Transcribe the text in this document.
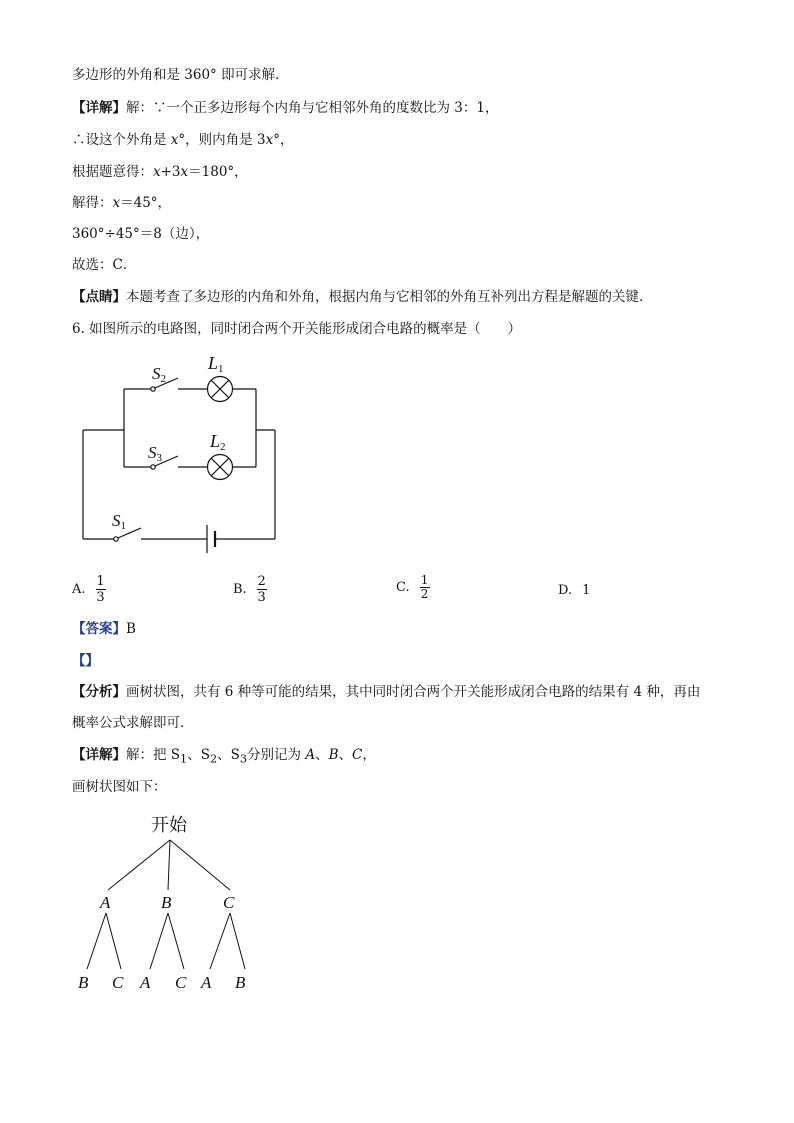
多边形的外角和是 360° 即可求解．
【详解】解：∵一个正多边形每个内角与它相邻外角的度数比为 3：1，
∴设这个外角是 x°，则内角是 3x°，
根据题意得：x+3x＝180°，
解得：x＝45°，
360°÷45°＝8（边），
故选：C．
【点睛】本题考查了多边形的内角和外角，根据内角与它相邻的外角互补列出方程是解题的关键．
6. 如图所示的电路图，同时闭合两个开关能形成闭合电路的概率是（　　）
S2
L1
S3
L2
S1
A. $\frac{1}{3}$	B. $\frac{2}{3}$	C. $\frac{1}{2}$	D. 1
【答案】B
【】
【分析】画树状图，共有 6 种等可能的结果，其中同时闭合两个开关能形成闭合电路的结果有 4 种，再由
概率公式求解即可．
【详解】解：把 $S_1$、$S_2$、$S_3$分别记为 A、B、C，
画树状图如下：
开始
A	B	C
B C A C A B
